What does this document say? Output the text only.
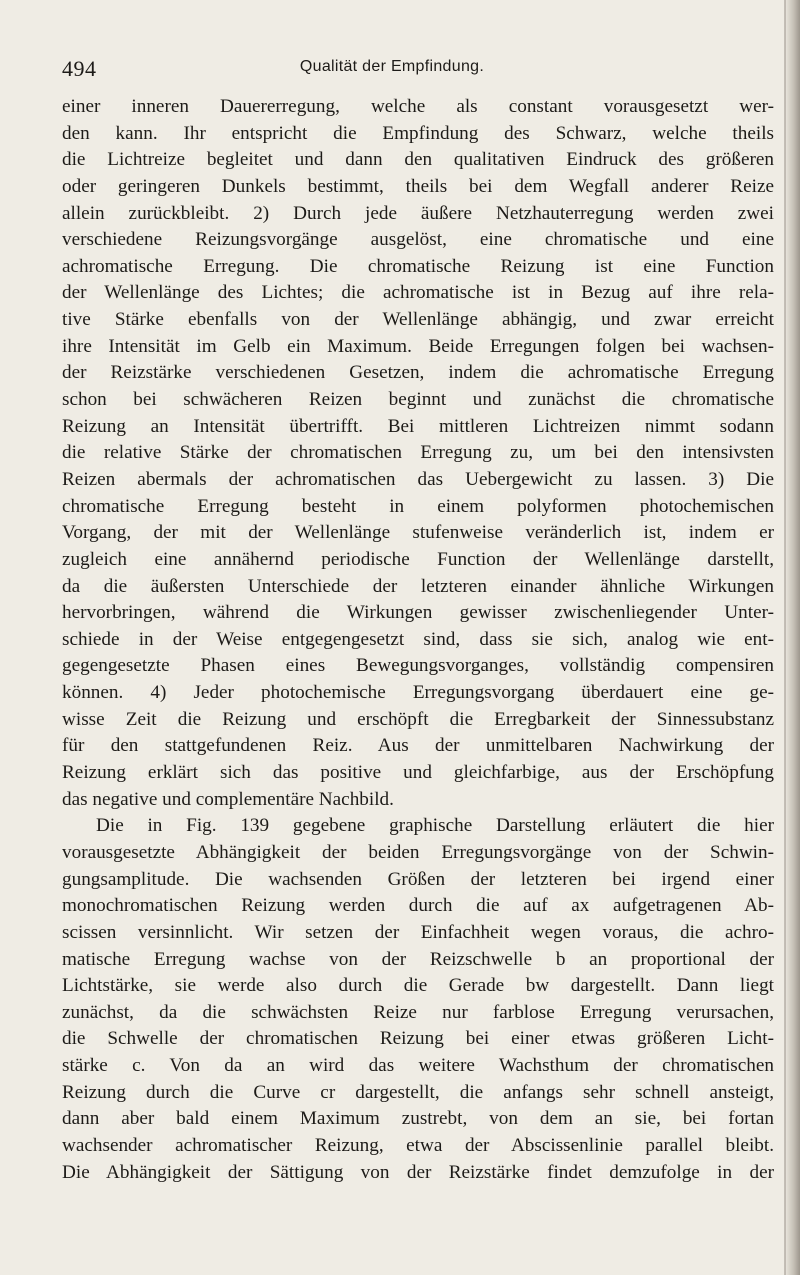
494	Qualität der Empfindung.
einer inneren Dauererregung, welche als constant vorausgesetzt wer-
den kann. Ihr entspricht die Empfindung des Schwarz, welche theils
die Lichtreize begleitet und dann den qualitativen Eindruck des größeren
oder geringeren Dunkels bestimmt, theils bei dem Wegfall anderer Reize
allein zurückbleibt. 2) Durch jede äußere Netzhauterregung werden zwei
verschiedene Reizungsvorgänge ausgelöst, eine chromatische und eine
achromatische Erregung. Die chromatische Reizung ist eine Function
der Wellenlänge des Lichtes; die achromatische ist in Bezug auf ihre rela-
tive Stärke ebenfalls von der Wellenlänge abhängig, und zwar erreicht
ihre Intensität im Gelb ein Maximum. Beide Erregungen folgen bei wachsen-
der Reizstärke verschiedenen Gesetzen, indem die achromatische Erregung
schon bei schwächeren Reizen beginnt und zunächst die chromatische
Reizung an Intensität übertrifft. Bei mittleren Lichtreizen nimmt sodann
die relative Stärke der chromatischen Erregung zu, um bei den intensivsten
Reizen abermals der achromatischen das Uebergewicht zu lassen. 3) Die
chromatische Erregung besteht in einem polyformen photochemischen
Vorgang, der mit der Wellenlänge stufenweise veränderlich ist, indem er
zugleich eine annähernd periodische Function der Wellenlänge darstellt,
da die äußersten Unterschiede der letzteren einander ähnliche Wirkungen
hervorbringen, während die Wirkungen gewisser zwischenliegender Unter-
schiede in der Weise entgegengesetzt sind, dass sie sich, analog wie ent-
gegengesetzte Phasen eines Bewegungsvorganges, vollständig compensiren
können. 4) Jeder photochemische Erregungsvorgang überdauert eine ge-
wisse Zeit die Reizung und erschöpft die Erregbarkeit der Sinnessubstanz
für den stattgefundenen Reiz. Aus der unmittelbaren Nachwirkung der
Reizung erklärt sich das positive und gleichfarbige, aus der Erschöpfung
das negative und complementäre Nachbild.
Die in Fig. 139 gegebene graphische Darstellung erläutert die hier
vorausgesetzte Abhängigkeit der beiden Erregungsvorgänge von der Schwin-
gungsamplitude. Die wachsenden Größen der letzteren bei irgend einer
monochromatischen Reizung werden durch die auf ax aufgetragenen Ab-
scissen versinnlicht. Wir setzen der Einfachheit wegen voraus, die achro-
matische Erregung wachse von der Reizschwelle b an proportional der
Lichtstärke, sie werde also durch die Gerade bw dargestellt. Dann liegt
zunächst, da die schwächsten Reize nur farblose Erregung verursachen,
die Schwelle der chromatischen Reizung bei einer etwas größeren Licht-
stärke c. Von da an wird das weitere Wachsthum der chromatischen
Reizung durch die Curve cr dargestellt, die anfangs sehr schnell ansteigt,
dann aber bald einem Maximum zustrebt, von dem an sie, bei fortan
wachsender achromatischer Reizung, etwa der Abscissenlinie parallel bleibt.
Die Abhängigkeit der Sättigung von der Reizstärke findet demzufolge in der
